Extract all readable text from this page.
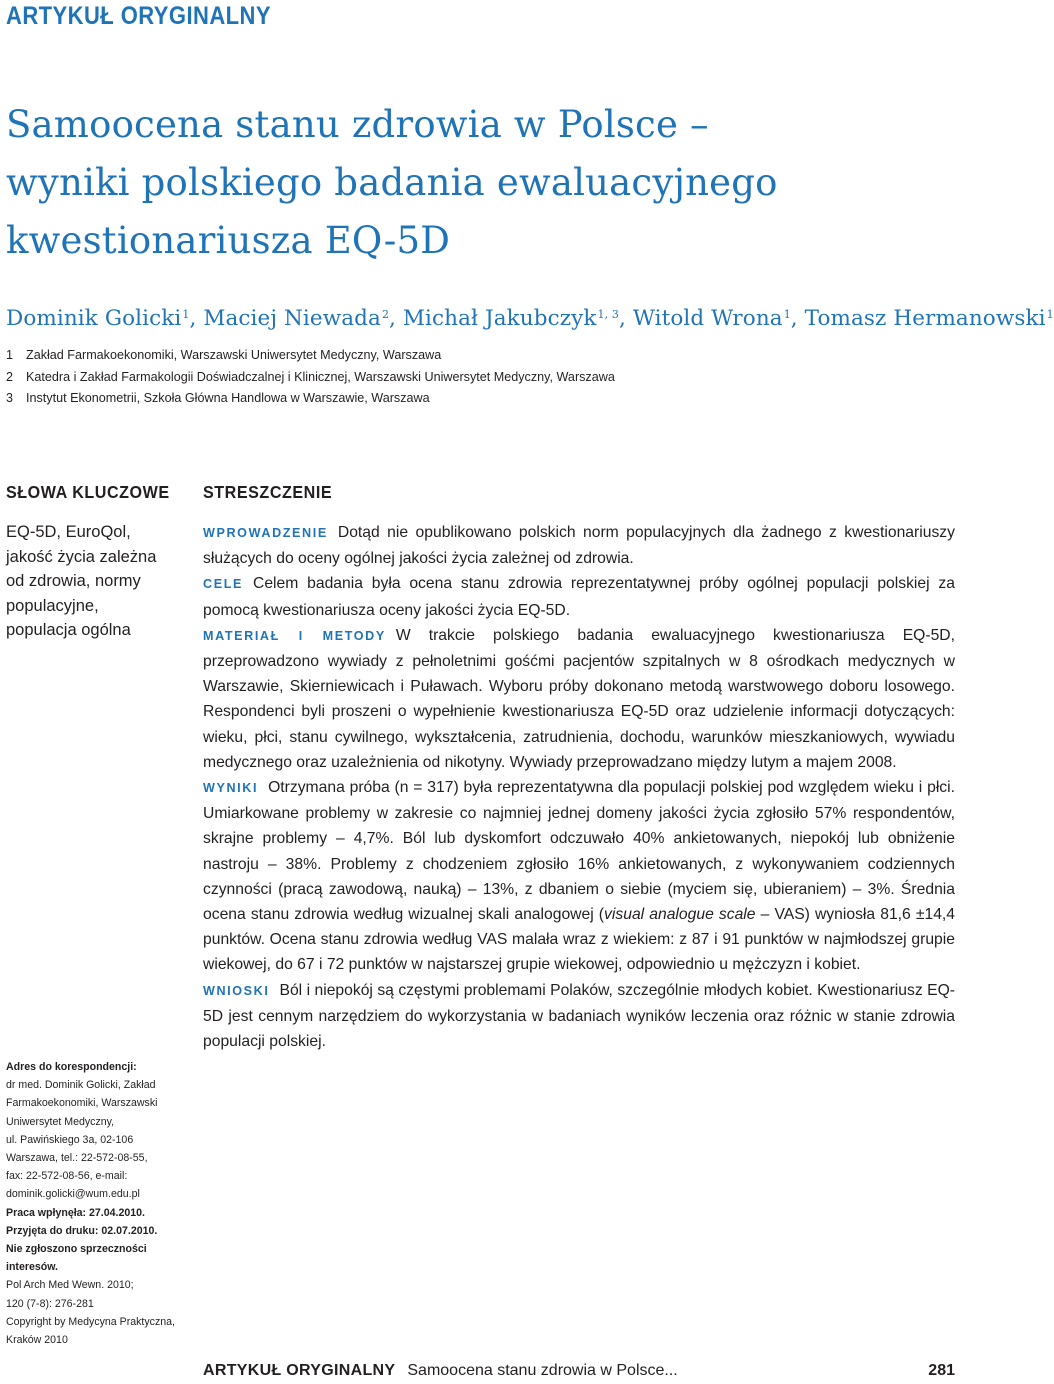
ARTYKUŁ ORYGINALNY
Samoocena stanu zdrowia w Polsce –
wyniki polskiego badania ewaluacyjnego
kwestionariusza EQ-5D
Dominik Golicki$^1$, Maciej Niewada$^2$, Michał Jakubczyk$^{1, 3}$, Witold Wrona$^1$, Tomasz Hermanowski$^1$
1	Zakład Farmakoekonomiki, Warszawski Uniwersytet Medyczny, Warszawa
2	Katedra i Zakład Farmakologii Doświadczalnej i Klinicznej, Warszawski Uniwersytet Medyczny, Warszawa
3	Instytut Ekonometrii, Szkoła Główna Handlowa w Warszawie, Warszawa
SŁOWA KLUCZOWE
EQ-5D, EuroQol,
jakość życia zależna
od zdrowia, normy
populacyjne,
populacja ogólna
Adres do korespondencji:
dr med. Dominik Golicki, Zakład
Farmakoekonomiki, Warszawski
Uniwersytet Medyczny,
ul. Pawińskiego 3a, 02-106
Warszawa, tel.: 22-572-08-55,
fax: 22-572-08-56, e-mail:
dominik.golicki@wum.edu.pl
Praca wpłynęła: 27.04.2010.
Przyjęta do druku: 02.07.2010.
Nie zgłoszono sprzeczności
interesów.
Pol Arch Med Wewn. 2010;
120 (7-8): 276-281
Copyright by Medycyna Praktyczna,
Kraków 2010
STRESZCZENIE

WPROWADZENIE Dotąd nie opublikowano polskich norm populacyjnych dla żadnego z kwestionariuszy służących do oceny ogólnej jakości życia zależnej od zdrowia.

CELE Celem badania była ocena stanu zdrowia reprezentatywnej próby ogólnej populacji polskiej za pomocą kwestionariusza oceny jakości życia EQ-5D.

MATERIAŁ I METODY W trakcie polskiego badania ewaluacyjnego kwestionariusza EQ-5D, przeprowadzono wywiady z pełnoletnimi gośćmi pacjentów szpitalnych w 8 ośrodkach medycznych w Warszawie, Skierniewicach i Puławach. Wyboru próby dokonano metodą warstwowego doboru losowego. Respondenci byli proszeni o wypełnienie kwestionariusza EQ-5D oraz udzielenie informacji dotyczących: wieku, płci, stanu cywilnego, wykształcenia, zatrudnienia, dochodu, warunków mieszkaniowych, wywiadu medycznego oraz uzależnienia od nikotyny. Wywiady przeprowadzano między lutym a majem 2008.

WYNIKI Otrzymana próba (n = 317) była reprezentatywna dla populacji polskiej pod względem wieku i płci. Umiarkowane problemy w zakresie co najmniej jednej domeny jakości życia zgłosiło 57% respondentów, skrajne problemy – 4,7%. Ból lub dyskomfort odczuwało 40% ankietowanych, niepokój lub obniżenie nastroju – 38%. Problemy z chodzeniem zgłosiło 16% ankietowanych, z wykonywaniem codziennych czynności (pracą zawodową, nauką) – 13%, z dbaniem o siebie (myciem się, ubieraniem) – 3%. Średnia ocena stanu zdrowia według wizualnej skali analogowej (visual analogue scale – VAS) wyniosła 81,6 ±14,4 punktów. Ocena stanu zdrowia według VAS malała wraz z wiekiem: z 87 i 91 punktów w najmłodszej grupie wiekowej, do 67 i 72 punktów w najstarszej grupie wiekowej, odpowiednio u mężczyzn i kobiet.

WNIOSKI Ból i niepokój są częstymi problemami Polaków, szczególnie młodych kobiet. Kwestionariusz EQ-5D jest cennym narzędziem do wykorzystania w badaniach wyników leczenia oraz różnic w stanie zdrowia populacji polskiej.

ARTYKUŁ ORYGINALNY Samoocena stanu zdrowia w Polsce...	281
